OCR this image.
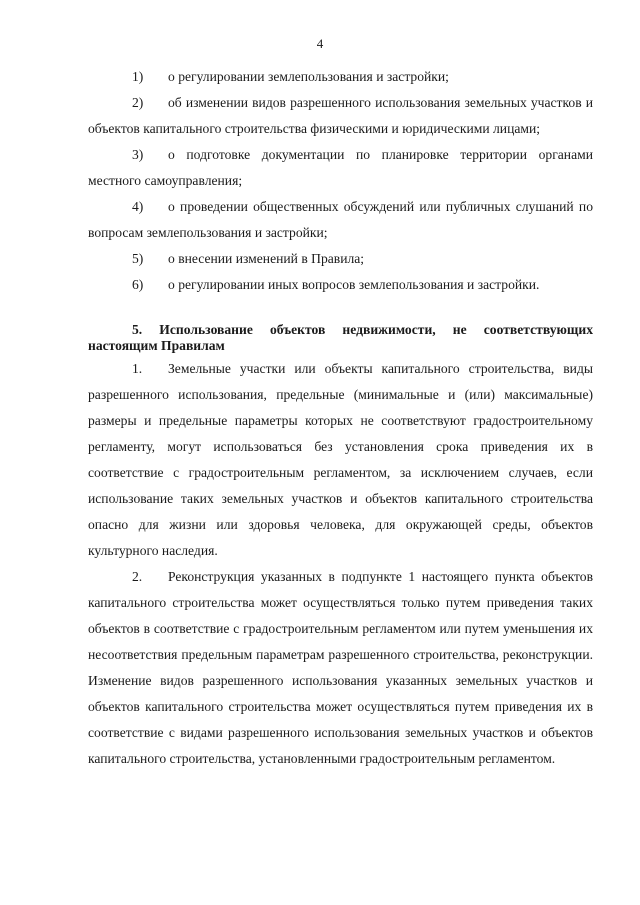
4

1) о регулировании землепользования и застройки;

2) об изменении видов разрешенного использования земельных участков и объектов капитального строительства физическими и юридическими лицами;

3) о подготовке документации по планировке территории органами местного самоуправления;

4) о проведении общественных обсуждений или публичных слушаний по вопросам землепользования и застройки;

5) о внесении изменений в Правила;

6) о регулировании иных вопросов землепользования и застройки.

5. Использование объектов недвижимости, не соответствующих настоящим Правилам

1. Земельные участки или объекты капитального строительства, виды разрешенного использования, предельные (минимальные и (или) максимальные) размеры и предельные параметры которых не соответствуют градостроительному регламенту, могут использоваться без установления срока приведения их в соответствие с градостроительным регламентом, за исключением случаев, если использование таких земельных участков и объектов капитального строительства опасно для жизни или здоровья человека, для окружающей среды, объектов культурного наследия.

2. Реконструкция указанных в подпункте 1 настоящего пункта объектов капитального строительства может осуществляться только путем приведения таких объектов в соответствие с градостроительным регламентом или путем уменьшения их несоответствия предельным параметрам разрешенного строительства, реконструкции. Изменение видов разрешенного использования указанных земельных участков и объектов капитального строительства может осуществляться путем приведения их в соответствие с видами разрешенного использования земельных участков и объектов капитального строительства, установленными градостроительным регламентом.
